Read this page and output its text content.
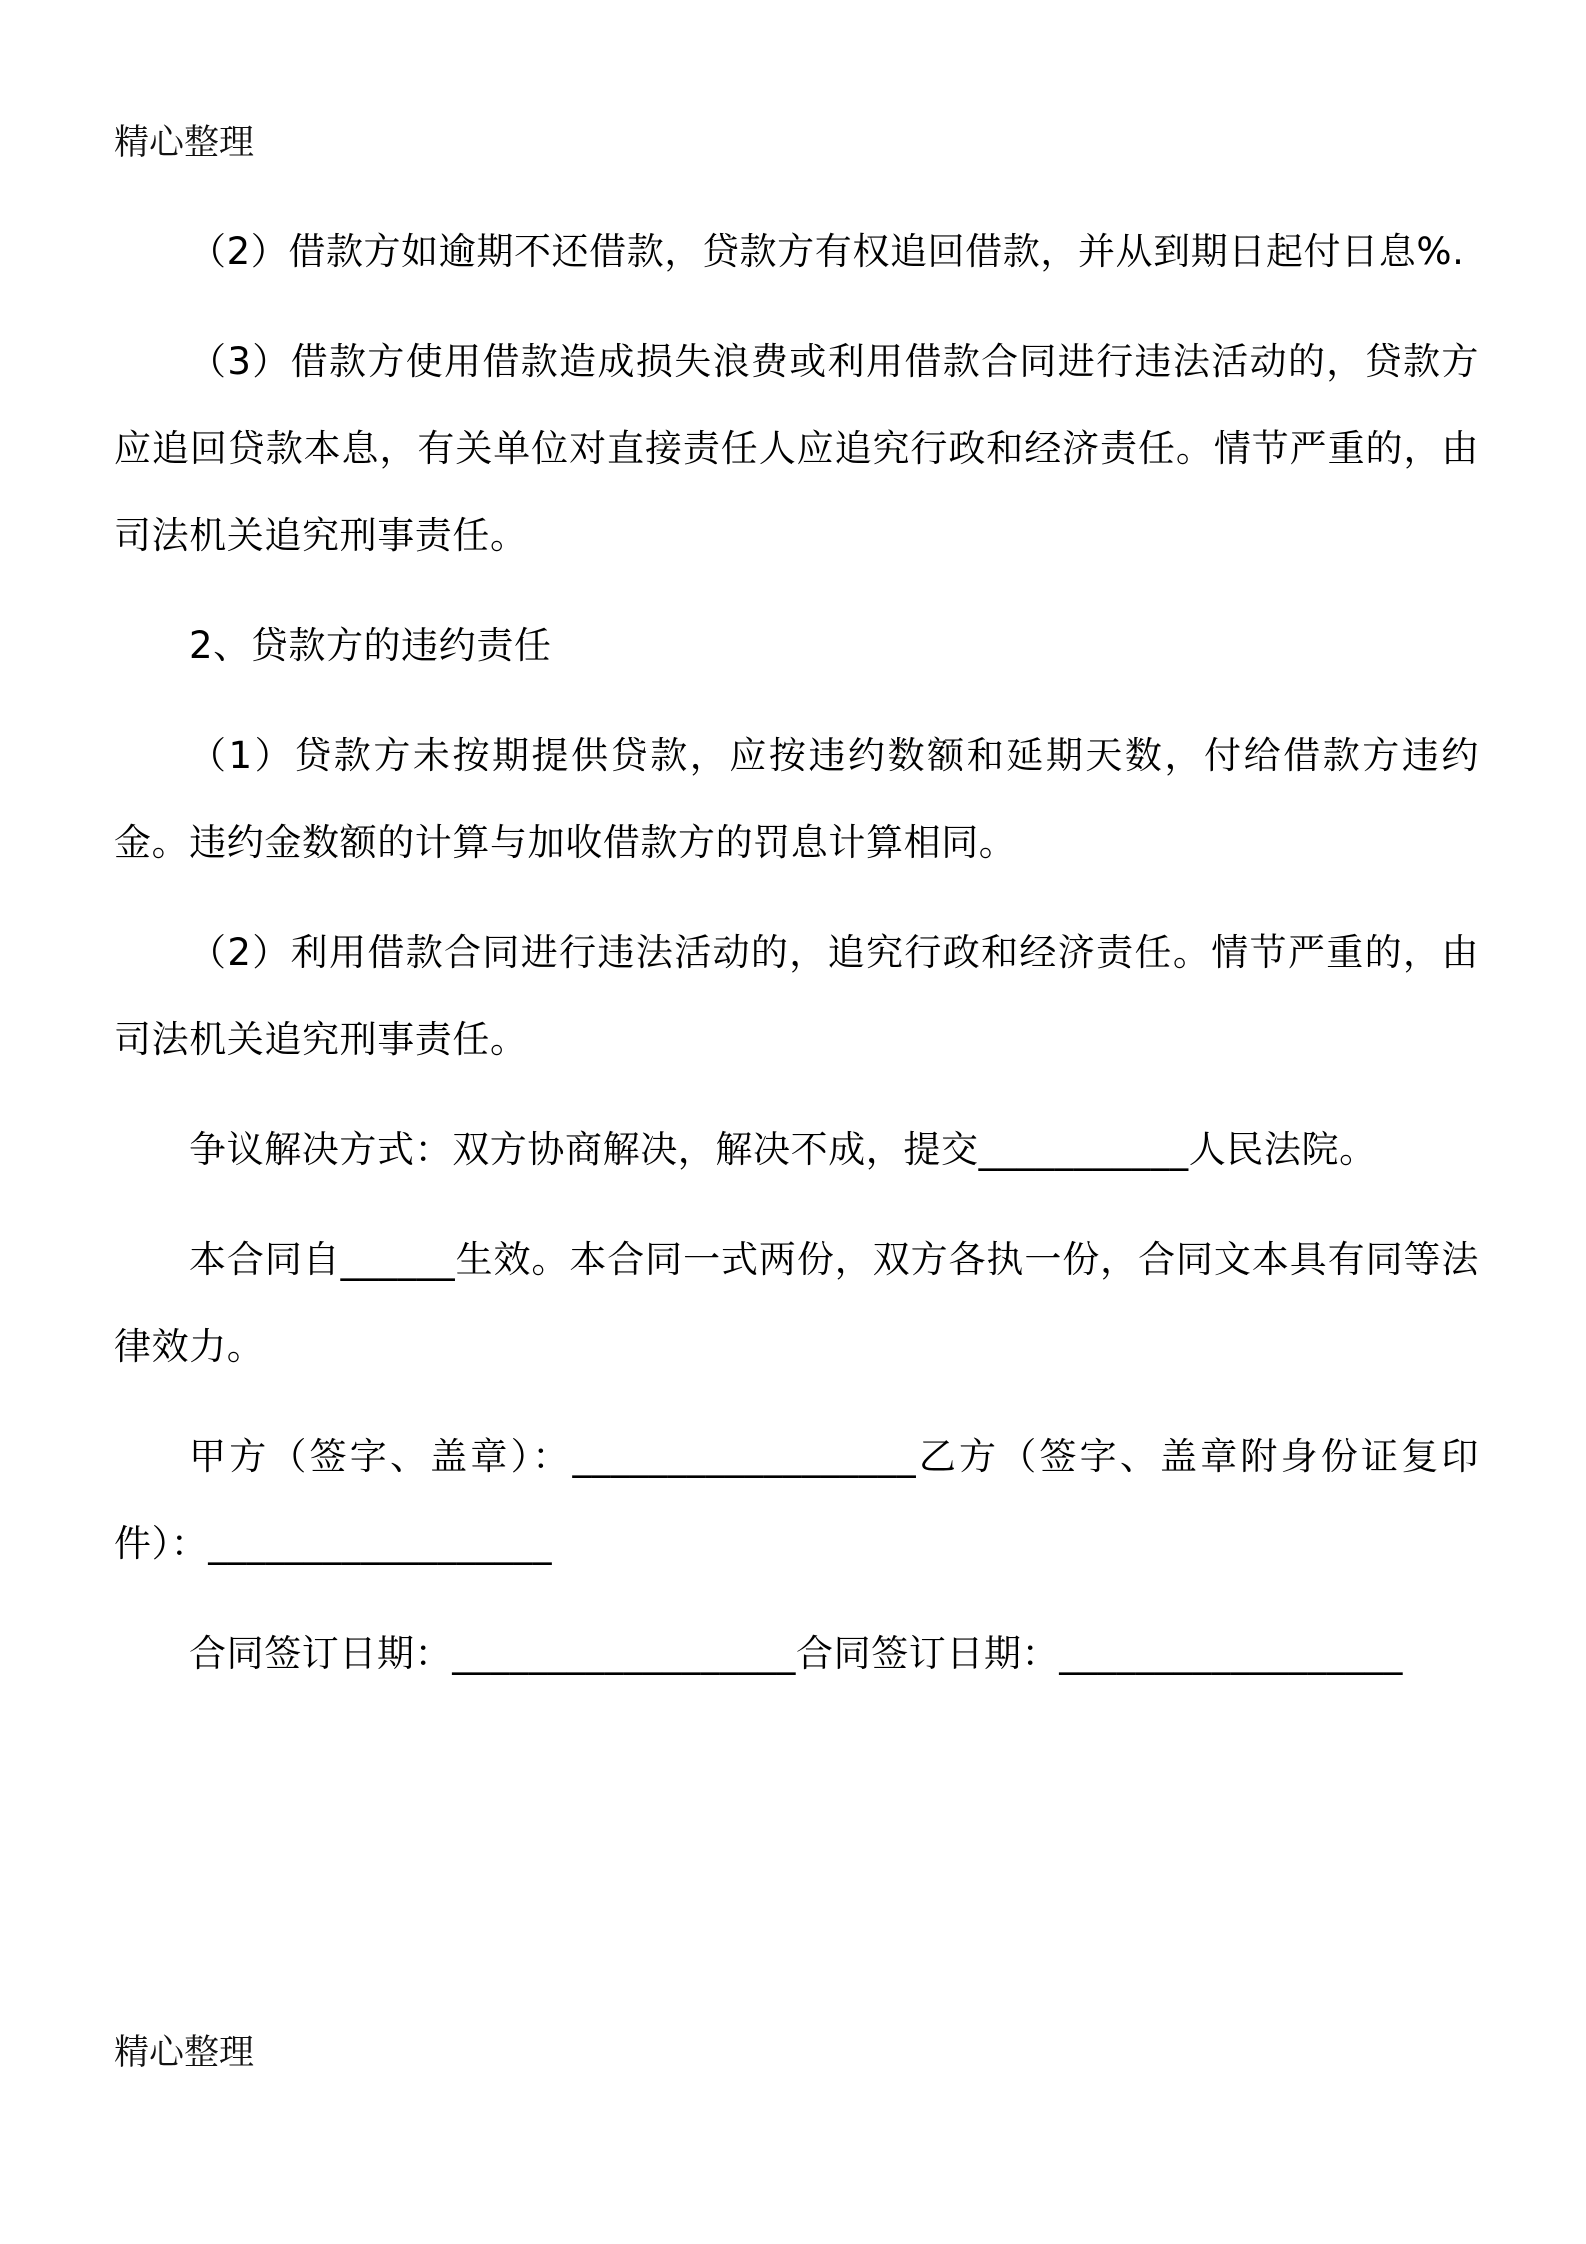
精心整理

（2）借款方如逾期不还借款，贷款方有权追回借款，并从到期日起付日息%.

（3）借款方使用借款造成损失浪费或利用借款合同进行违法活动的，贷款方应追回贷款本息，有关单位对直接责任人应追究行政和经济责任。情节严重的，由司法机关追究刑事责任。

2、贷款方的违约责任

（1）贷款方未按期提供贷款，应按违约数额和延期天数，付给借款方违约金。违约金数额的计算与加收借款方的罚息计算相同。

（2）利用借款合同进行违法活动的，追究行政和经济责任。情节严重的，由司法机关追究刑事责任。

争议解决方式：双方协商解决，解决不成，提交___________人民法院。

本合同自______生效。本合同一式两份，双方各执一份，合同文本具有同等法律效力。

甲方（签字、盖章）：__________________乙方（签字、盖章附身份证复印件）：__________________

合同签订日期：__________________合同签订日期：__________________

精心整理
